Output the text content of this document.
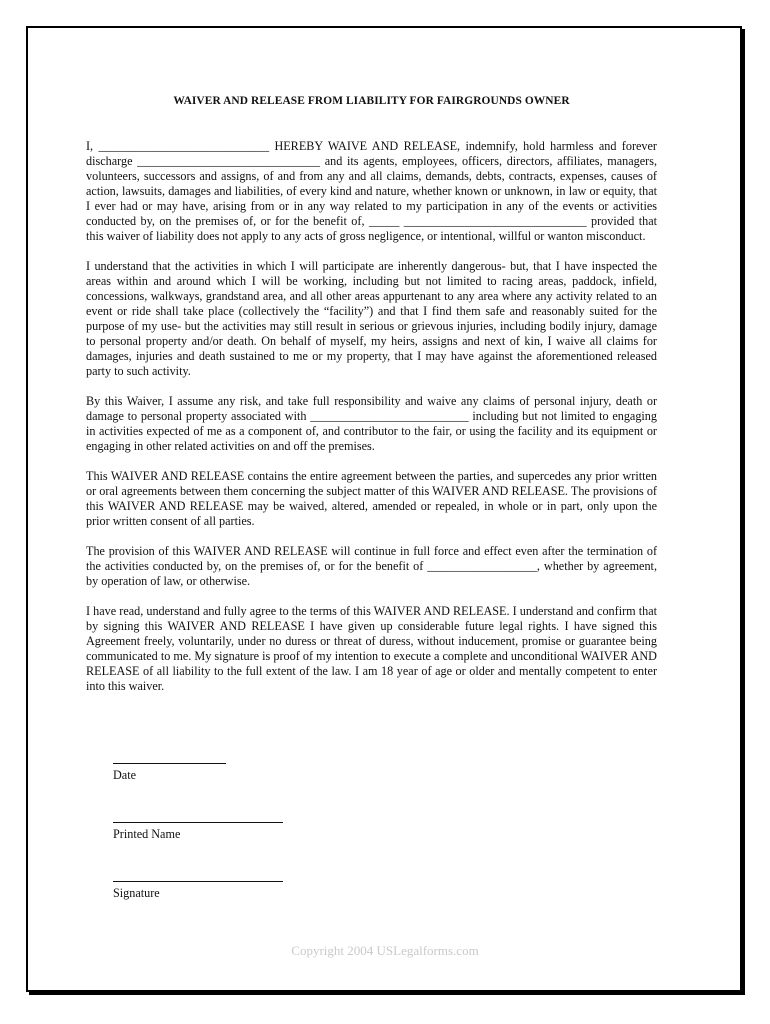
WAIVER AND RELEASE FROM LIABILITY FOR FAIRGROUNDS OWNER

I, ____________________________ HEREBY WAIVE AND RELEASE, indemnify, hold harmless and forever discharge ______________________________ and its agents, employees, officers, directors, affiliates, managers, volunteers, successors and assigns, of and from any and all claims, demands, debts, contracts, expenses, causes of action, lawsuits, damages and liabilities, of every kind and nature, whether known or unknown, in law or equity, that I ever had or may have, arising from or in any way related to my participation in any of the events or activities conducted by, on the premises of, or for the benefit of, _____ ______________________________ provided that this waiver of liability does not apply to any acts of gross negligence, or intentional, willful or wanton misconduct.

I understand that the activities in which I will participate are inherently dangerous- but, that I have inspected the areas within and around which I will be working, including but not limited to racing areas, paddock, infield, concessions, walkways, grandstand area, and all other areas appurtenant to any area where any activity related to an event or ride shall take place (collectively the “facility”) and that I find them safe and reasonably suited for the purpose of my use- but the activities may still result in serious or grievous injuries, including bodily injury, damage to personal property and/or death. On behalf of myself, my heirs, assigns and next of kin, I waive all claims for damages, injuries and death sustained to me or my property, that I may have against the aforementioned released party to such activity.

By this Waiver, I assume any risk, and take full responsibility and waive any claims of personal injury, death or damage to personal property associated with __________________________ including but not limited to engaging in activities expected of me as a component of, and contributor to the fair, or using the facility and its equipment or engaging in other related activities on and off the premises.

This WAIVER AND RELEASE contains the entire agreement between the parties, and supercedes any prior written or oral agreements between them concerning the subject matter of this WAIVER AND RELEASE. The provisions of this WAIVER AND RELEASE may be waived, altered, amended or repealed, in whole or in part, only upon the prior written consent of all parties.

The provision of this WAIVER AND RELEASE will continue in full force and effect even after the termination of the activities conducted by, on the premises of, or for the benefit of __________________, whether by agreement, by operation of law, or otherwise.

I have read, understand and fully agree to the terms of this WAIVER AND RELEASE. I understand and confirm that by signing this WAIVER AND RELEASE I have given up considerable future legal rights. I have signed this Agreement freely, voluntarily, under no duress or threat of duress, without inducement, promise or guarantee being communicated to me. My signature is proof of my intention to execute a complete and unconditional WAIVER AND RELEASE of all liability to the full extent of the law. I am 18 year of age or older and mentally competent to enter into this waiver.

Date
Printed Name
Signature
Copyright 2004 USLegalforms.com
